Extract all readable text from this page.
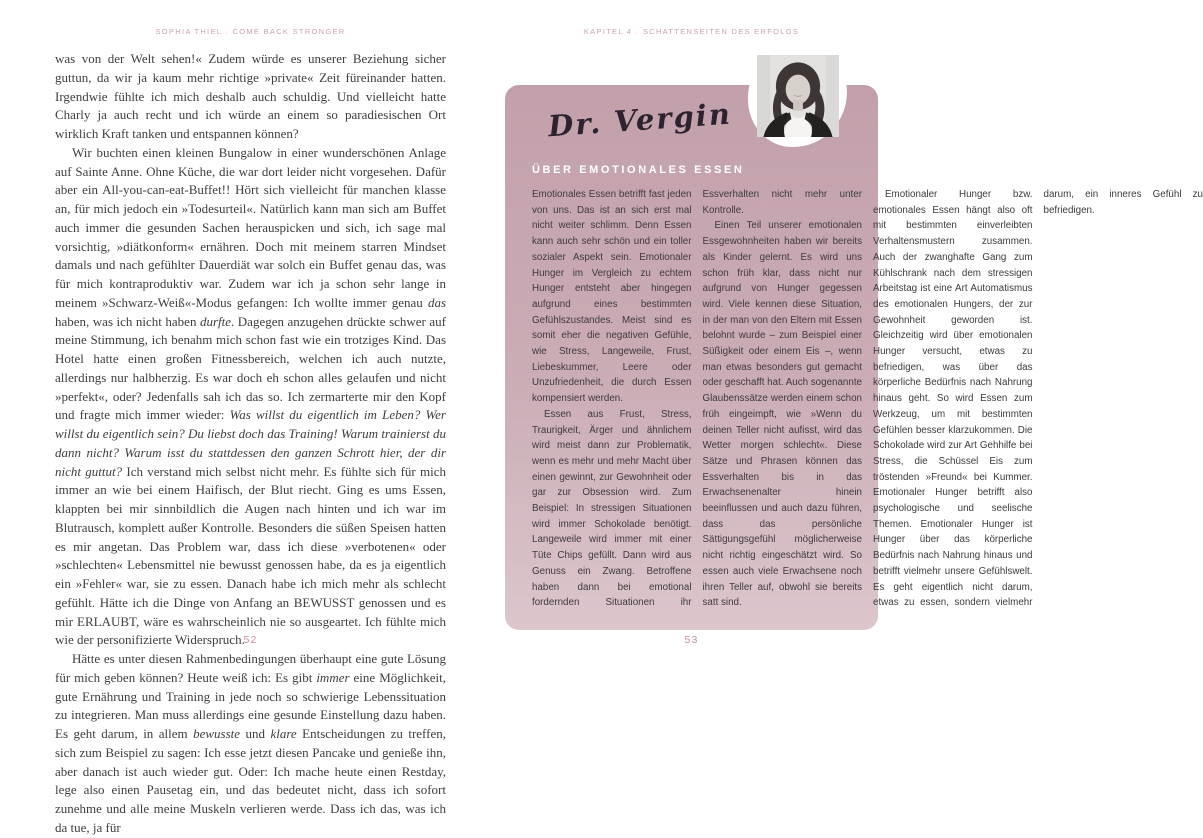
SOPHIA THIEL · COME BACK STRONGER	KAPITEL 4 · SCHATTENSEITEN DES ERFOLGS

was von der Welt sehen!« Zudem würde es unserer Beziehung sicher guttun, da wir ja kaum mehr richtige »private« Zeit füreinander hatten. Irgendwie fühlte ich mich deshalb auch schuldig. Und vielleicht hatte Charly ja auch recht und ich würde an einem so paradiesischen Ort wirklich Kraft tanken und entspannen können?

Wir buchten einen kleinen Bungalow in einer wunderschönen Anlage auf Sainte Anne. Ohne Küche, die war dort leider nicht vorgesehen. Dafür aber ein All-you-can-eat-Buffet!! Hört sich vielleicht für manchen klasse an, für mich jedoch ein »Todesurteil«. Natürlich kann man sich am Buffet auch immer die gesunden Sachen herauspicken und sich, ich sage mal vorsichtig, »diätkonform« ernähren. Doch mit meinem starren Mindset damals und nach gefühlter Dauerdiät war solch ein Buffet genau das, was für mich kontraproduktiv war. Zudem war ich ja schon sehr lange in meinem »Schwarz-Weiß«-Modus gefangen: Ich wollte immer genau das haben, was ich nicht haben durfte. Dagegen anzugehen drückte schwer auf meine Stimmung, ich benahm mich schon fast wie ein trotziges Kind. Das Hotel hatte einen großen Fitnessbereich, welchen ich auch nutzte, allerdings nur halbherzig. Es war doch eh schon alles gelaufen und nicht »perfekt«, oder? Jedenfalls sah ich das so. Ich zermarterte mir den Kopf und fragte mich immer wieder: Was willst du eigentlich im Leben? Wer willst du eigentlich sein? Du liebst doch das Training! Warum trainierst du dann nicht? Warum isst du stattdessen den ganzen Schrott hier, der dir nicht guttut? Ich verstand mich selbst nicht mehr. Es fühlte sich für mich immer an wie bei einem Haifisch, der Blut riecht. Ging es ums Essen, klappten bei mir sinnbildlich die Augen nach hinten und ich war im Blutrausch, komplett außer Kontrolle. Besonders die süßen Speisen hatten es mir angetan. Das Problem war, dass ich diese »verbotenen« oder »schlechten« Lebensmittel nie bewusst genossen habe, da es ja eigentlich ein »Fehler« war, sie zu essen. Danach habe ich mich mehr als schlecht gefühlt. Hätte ich die Dinge von Anfang an BEWUSST genossen und es mir ERLAUBT, wäre es wahrscheinlich nie so ausgeartet. Ich fühlte mich wie der personifizierte Widerspruch.

Hätte es unter diesen Rahmenbedingungen überhaupt eine gute Lösung für mich geben können? Heute weiß ich: Es gibt immer eine Möglichkeit, gute Ernährung und Training in jede noch so schwierige Lebenssituation zu integrieren. Man muss allerdings eine gesunde Einstellung dazu haben. Es geht darum, in allem bewusste und klare Entscheidungen zu treffen, sich zum Beispiel zu sagen: Ich esse jetzt diesen Pancake und genieße ihn, aber danach ist auch wieder gut. Oder: Ich mache heute einen Restday, lege also einen Pausetag ein, und das bedeutet nicht, dass ich sofort zunehme und alle meine Muskeln verlieren werde. Dass ich das, was ich da tue, ja für

Dr. Vergin
ÜBER EMOTIONALES ESSEN

Emotionales Essen betrifft fast jeden von uns. Das ist an sich erst mal nicht weiter schlimm. Denn Essen kann auch sehr schön und ein toller sozialer Aspekt sein. Emotionaler Hunger im Vergleich zu echtem Hunger entsteht aber hingegen aufgrund eines bestimmten Gefühlszustandes. Meist sind es somit eher die negativen Gefühle, wie Stress, Langeweile, Frust, Liebeskummer, Leere oder Unzufriedenheit, die durch Essen kompensiert werden.

Essen aus Frust, Stress, Traurigkeit, Ärger und ähnlichem wird meist dann zur Problematik, wenn es mehr und mehr Macht über einen gewinnt, zur Gewohnheit oder gar zur Obsession wird. Zum Beispiel: In stressigen Situationen wird immer Schokolade benötigt. Langeweile wird immer mit einer Tüte Chips gefüllt. Dann wird aus Genuss ein Zwang. Betroffene haben dann bei emotional fordernden Situationen ihr Essverhalten nicht mehr unter Kontrolle.

Einen Teil unserer emotionalen Essgewohnheiten haben wir bereits als Kinder gelernt. Es wird uns schon früh klar, dass nicht nur aufgrund von Hunger gegessen wird. Viele kennen diese Situation, in der man von den Eltern mit Essen belohnt wurde – zum Beispiel einer Süßigkeit oder einem Eis –, wenn man etwas besonders gut gemacht oder geschafft hat. Auch sogenannte Glaubenssätze werden einem schon früh eingeimpft, wie »Wenn du deinen Teller nicht aufisst, wird das Wetter morgen schlecht«. Diese Sätze und Phrasen können das Essverhalten bis in das Erwachsenenalter hinein beeinflussen und auch dazu führen, dass das persönliche Sättigungsgefühl möglicherweise nicht richtig eingeschätzt wird. So essen auch viele Erwachsene noch ihren Teller auf, obwohl sie bereits satt sind.

Emotionaler Hunger bzw. emotionales Essen hängt also oft mit bestimmten einverleibten Verhaltensmustern zusammen. Auch der zwanghafte Gang zum Kühlschrank nach dem stressigen Arbeitstag ist eine Art Automatismus des emotionalen Hungers, der zur Gewohnheit geworden ist. Gleichzeitig wird über emotionalen Hunger versucht, etwas zu befriedigen, was über das körperliche Bedürfnis nach Nahrung hinaus geht. So wird Essen zum Werkzeug, um mit bestimmten Gefühlen besser klarzukommen. Die Schokolade wird zur Art Gehhilfe bei Stress, die Schüssel Eis zum tröstenden »Freund« bei Kummer. Emotionaler Hunger betrifft also psychologische und seelische Themen. Emotionaler Hunger ist Hunger über das körperliche Bedürfnis nach Nahrung hinaus und betrifft vielmehr unsere Gefühlswelt. Es geht eigentlich nicht darum, etwas zu essen, sondern vielmehr darum, ein inneres Gefühl zu befriedigen.

52	53
